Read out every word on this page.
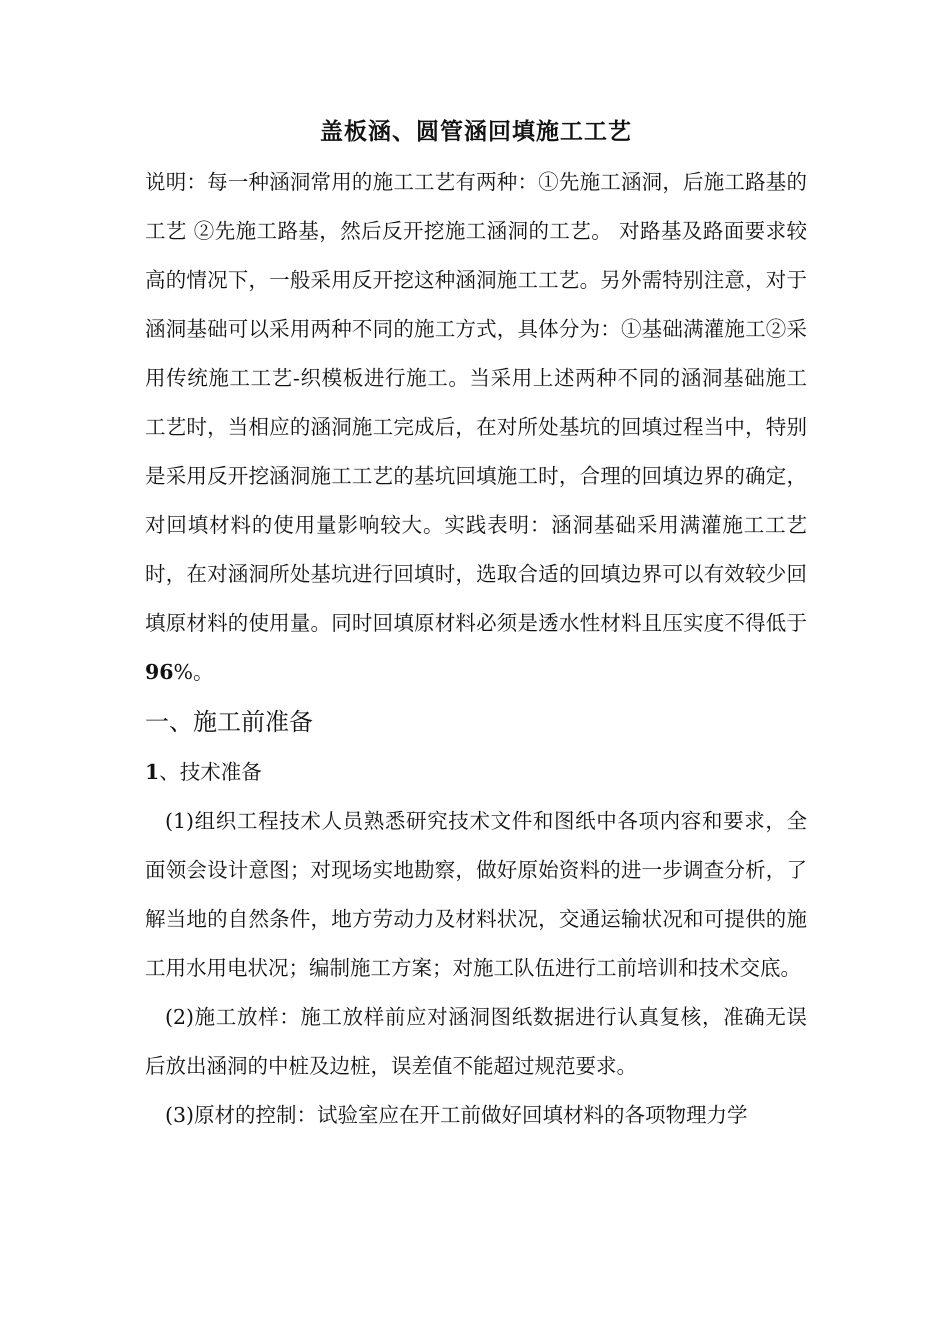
盖板涵、圆管涵回填施工工艺

说明：每一种涵洞常用的施工工艺有两种：①先施工涵洞，后施工路基的工艺 ②先施工路基，然后反开挖施工涵洞的工艺。 对路基及路面要求较高的情况下，一般采用反开挖这种涵洞施工工艺。另外需特别注意，对于涵洞基础可以采用两种不同的施工方式，具体分为：①基础满灌施工②采用传统施工工艺-织模板进行施工。当采用上述两种不同的涵洞基础施工工艺时，当相应的涵洞施工完成后，在对所处基坑的回填过程当中，特别是采用反开挖涵洞施工工艺的基坑回填施工时，合理的回填边界的确定，对回填材料的使用量影响较大。实践表明：涵洞基础采用满灌施工工艺时，在对涵洞所处基坑进行回填时，选取合适的回填边界可以有效较少回填原材料的使用量。同时回填原材料必须是透水性材料且压实度不得低于96%。

一、施工前准备

1、技术准备

(1)组织工程技术人员熟悉研究技术文件和图纸中各项内容和要求，全面领会设计意图；对现场实地勘察，做好原始资料的进一步调查分析，了解当地的自然条件，地方劳动力及材料状况，交通运输状况和可提供的施工用水用电状况；编制施工方案；对施工队伍进行工前培训和技术交底。

(2)施工放样：施工放样前应对涵洞图纸数据进行认真复核，准确无误后放出涵洞的中桩及边桩，误差值不能超过规范要求。

(3)原材的控制：试验室应在开工前做好回填材料的各项物理力学
